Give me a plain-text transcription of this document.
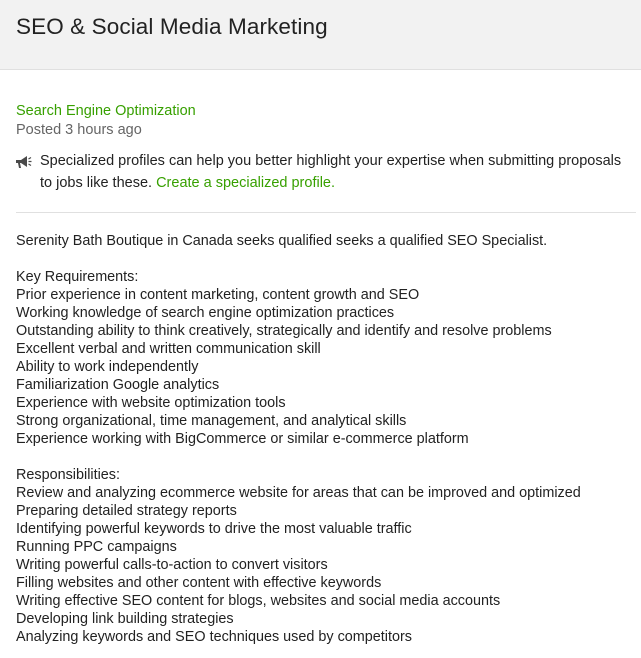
SEO & Social Media Marketing
Search Engine Optimization
Posted 3 hours ago
Specialized profiles can help you better highlight your expertise when submitting proposals to jobs like these. Create a specialized profile.
Serenity Bath Boutique in Canada seeks qualified seeks a qualified SEO Specialist.
Key Requirements:
Prior experience in content marketing, content growth and SEO
Working knowledge of search engine optimization practices
Outstanding ability to think creatively, strategically and identify and resolve problems
Excellent verbal and written communication skill
Ability to work independently
Familiarization Google analytics
Experience with website optimization tools
Strong organizational, time management, and analytical skills
Experience working with BigCommerce or similar e-commerce platform
Responsibilities:
Review and analyzing ecommerce website for areas that can be improved and optimized
Preparing detailed strategy reports
Identifying powerful keywords to drive the most valuable traffic
Running PPC campaigns
Writing powerful calls-to-action to convert visitors
Filling websites and other content with effective keywords
Writing effective SEO content for blogs, websites and social media accounts
Developing link building strategies
Analyzing keywords and SEO techniques used by competitors
